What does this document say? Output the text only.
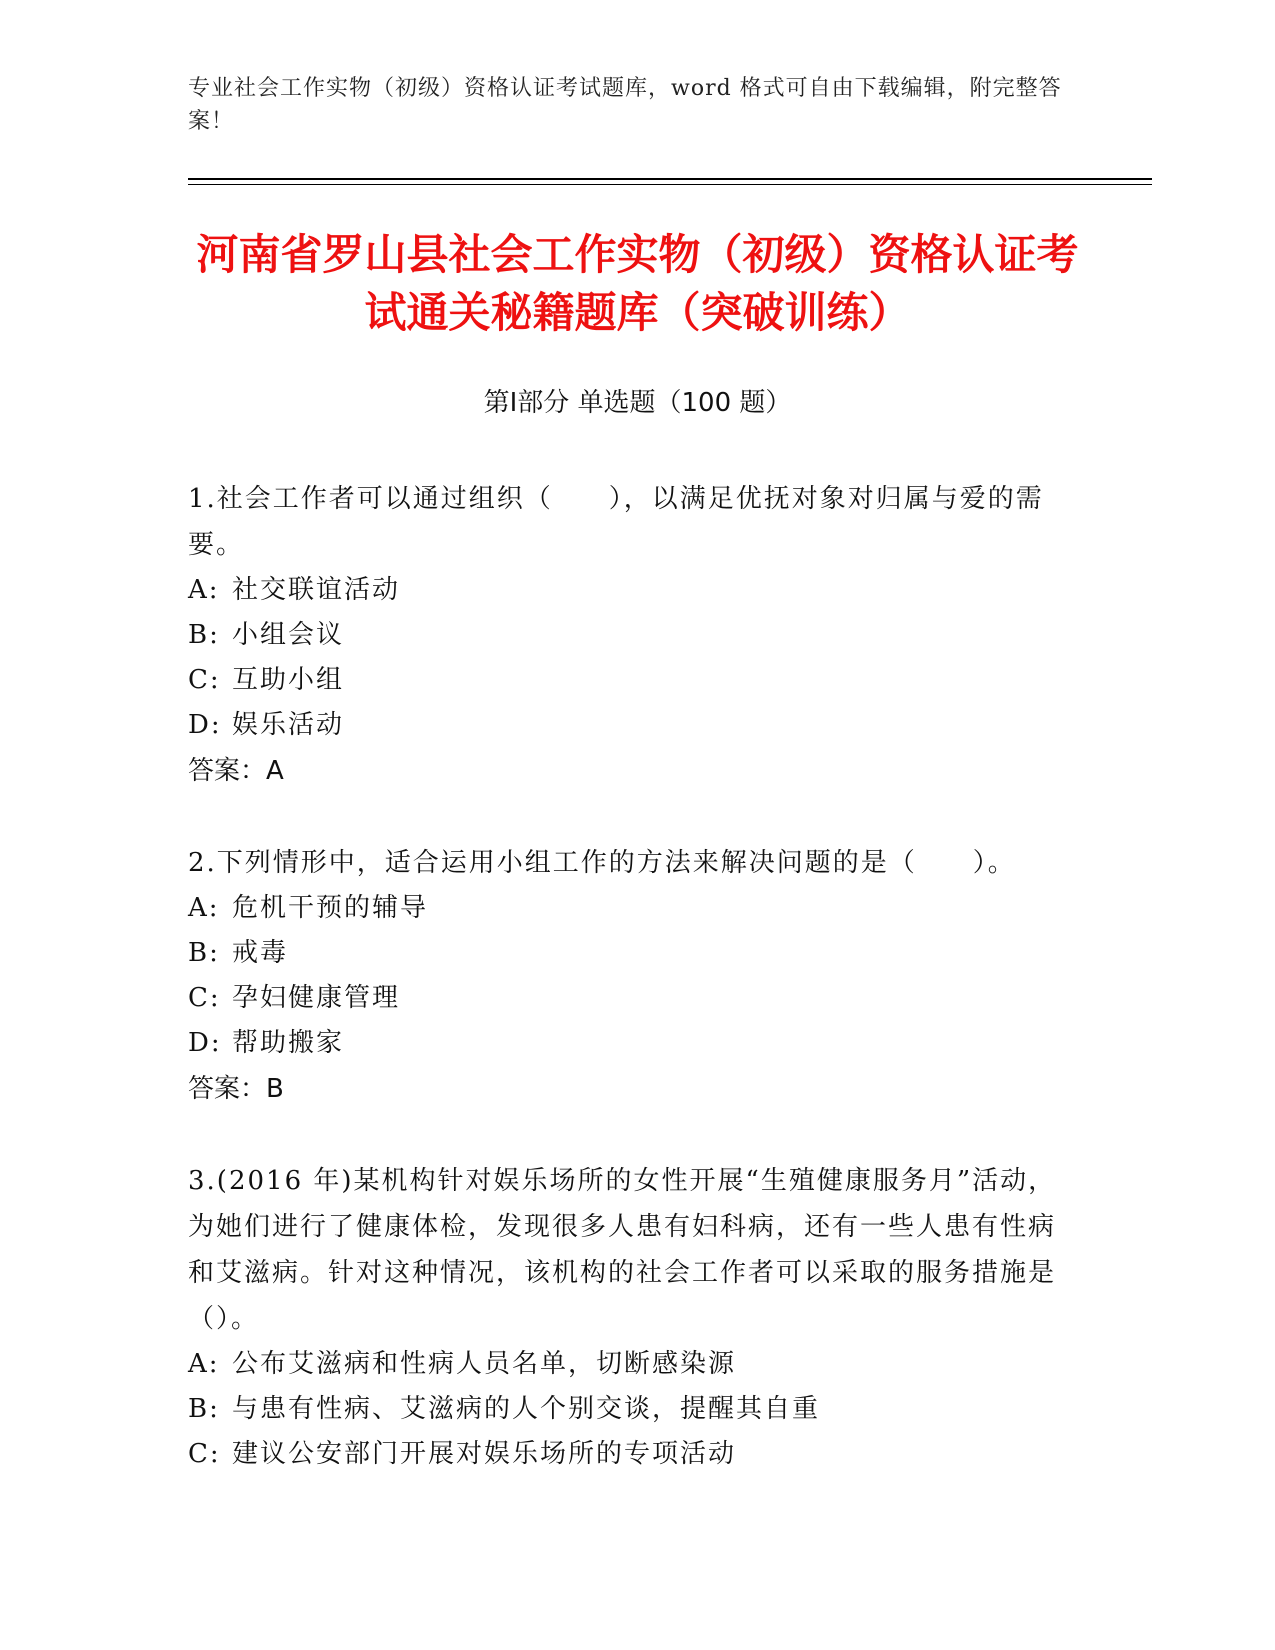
专业社会工作实物（初级）资格认证考试题库，word 格式可自由下载编辑，附完整答案！
河南省罗山县社会工作实物（初级）资格认证考试通关秘籍题库（突破训练）
第Ⅰ部分 单选题（100 题）

1.社会工作者可以通过组织（　　），以满足优抚对象对归属与爱的需要。

A: 社交联谊活动

B: 小组会议

C: 互助小组

D: 娱乐活动

答案：A

2.下列情形中，适合运用小组工作的方法来解决问题的是（　　）。

A: 危机干预的辅导

B: 戒毒

C: 孕妇健康管理

D: 帮助搬家

答案：B

3.(2016 年)某机构针对娱乐场所的女性开展“生殖健康服务月”活动，为她们进行了健康体检，发现很多人患有妇科病，还有一些人患有性病和艾滋病。针对这种情况，该机构的社会工作者可以采取的服务措施是（）。

A: 公布艾滋病和性病人员名单，切断感染源

B: 与患有性病、艾滋病的人个别交谈，提醒其自重

C: 建议公安部门开展对娱乐场所的专项活动
